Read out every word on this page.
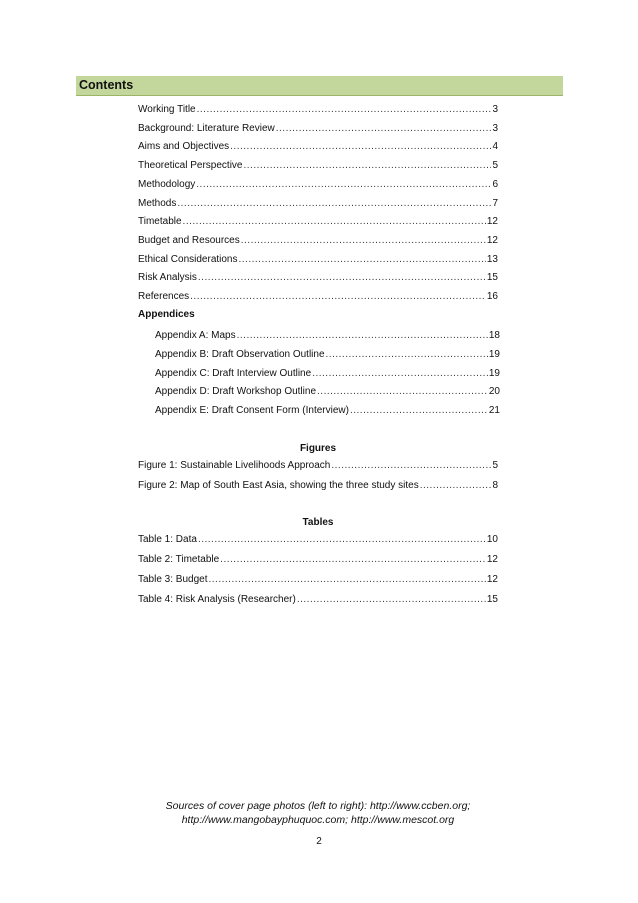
Contents
Working Title .....	3
Background: Literature Review .....	3
Aims and Objectives .....	4
Theoretical Perspective .....	5
Methodology .....	6
Methods .....	7
Timetable .....	12
Budget and Resources .....	12
Ethical Considerations .....	13
Risk Analysis .....	15
References .....	16
Appendices
Appendix A: Maps .....	18
Appendix B: Draft Observation Outline .....	19
Appendix C: Draft Interview Outline .....	19
Appendix D: Draft Workshop Outline .....	20
Appendix E: Draft Consent Form (Interview) .....	21
Figures
Figure 1: Sustainable Livelihoods Approach .....	5
Figure 2: Map of South East Asia, showing the three study sites .....	8
Tables
Table 1: Data .....	10
Table 2: Timetable .....	12
Table 3: Budget .....	12
Table 4: Risk Analysis (Researcher) .....	15
Sources of cover page photos (left to right): http://www.ccben.org;
http://www.mangobayphuquoc.com; http://www.mescot.org
2
